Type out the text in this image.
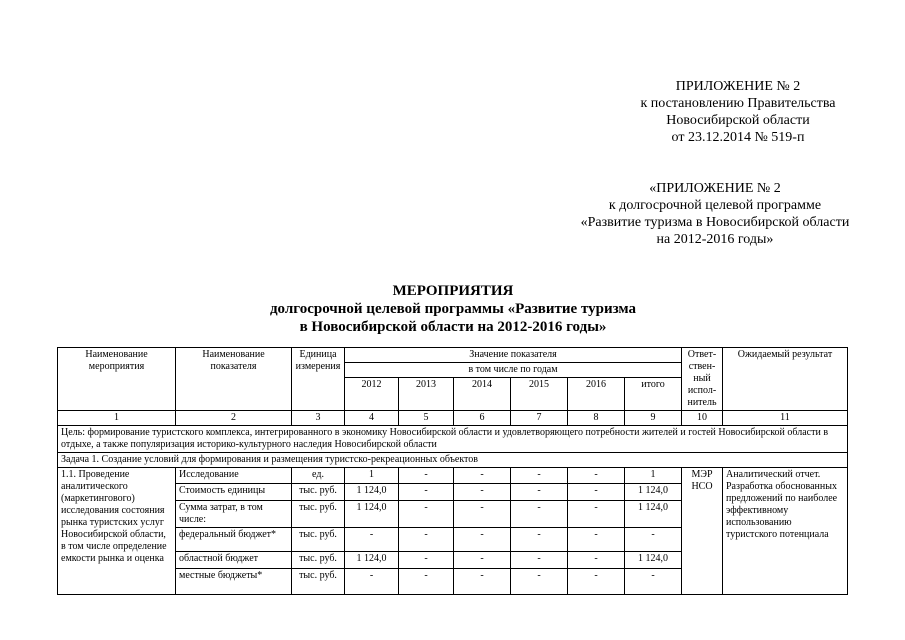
ПРИЛОЖЕНИЕ № 2
к постановлению Правительства
Новосибирской области
от 23.12.2014 № 519-п
«ПРИЛОЖЕНИЕ № 2
к долгосрочной целевой программе
«Развитие туризма в Новосибирской области
на 2012-2016 годы»
МЕРОПРИЯТИЯ
долгосрочной целевой программы «Развитие туризма
в Новосибирской области на 2012-2016 годы»
Наименование мероприятия	Наименование показателя	Единица измерения	Значение показателя						Ответ-ствен-ный испол-нитель	Ожидаемый результат
			в том числе по годам							
			2012	2013	2014	2015	2016	итого		
1	2	3	4	5	6	7	8	9	10	11
Цель: формирование туристского комплекса, интегрированного в экономику Новосибирской области и удовлетворяющего потребности жителей и гостей Новосибирской области в отдыхе, а также популяризация историко-культурного наследия Новосибирской области										
Задача 1. Создание условий для формирования и размещения туристско-рекреационных объектов										
1.1. Проведение аналитического (маркетингового) исследования состояния рынка туристских услуг Новосибирской области, в том числе определение емкости рынка и оценка	Исследование	ед.	1	-	-	-	-	1	МЭР НСО	Аналитический отчет. Разработка обоснованных предложений по наиболее эффективному использованию туристского потенциала
	Стоимость единицы	тыс. руб.	1 124,0	-	-	-	-	1 124,0		
	Сумма затрат, в том числе:	тыс. руб.	1 124,0	-	-	-	-	1 124,0		
	федеральный бюджет*	тыс. руб.	-	-	-	-	-	-		
	областной бюджет	тыс. руб.	1 124,0	-	-	-	-	1 124,0		
	местные бюджеты*	тыс. руб.	-	-	-	-	-	-		
